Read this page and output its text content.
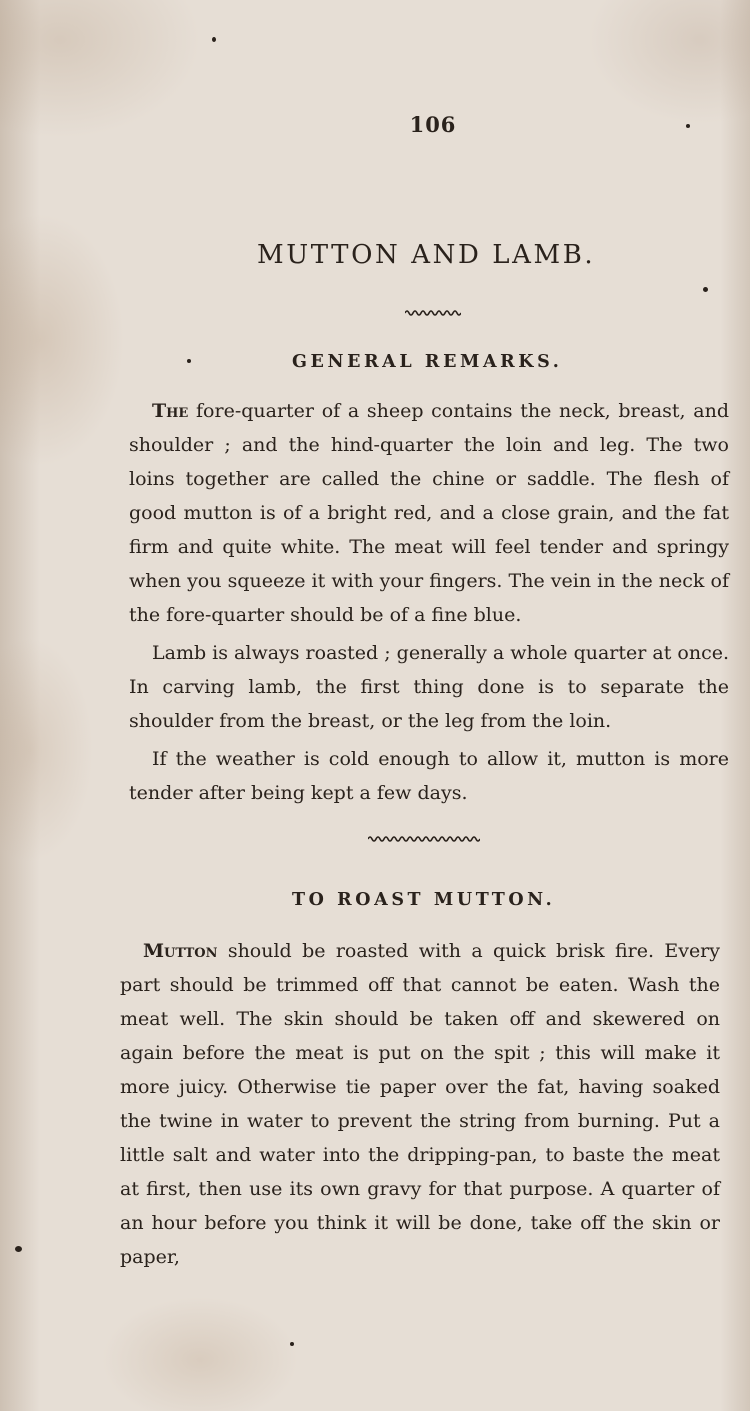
106
MUTTON AND LAMB.
GENERAL REMARKS.

The fore-quarter of a sheep contains the neck, breast, and shoulder ; and the hind-quarter the loin and leg. The two loins together are called the chine or saddle. The flesh of good mutton is of a bright red, and a close grain, and the fat firm and quite white. The meat will feel tender and springy when you squeeze it with your fingers. The vein in the neck of the fore-quarter should be of a fine blue.

Lamb is always roasted ; generally a whole quarter at once. In carving lamb, the first thing done is to separate the shoulder from the breast, or the leg from the loin.

If the weather is cold enough to allow it, mutton is more tender after being kept a few days.

TO ROAST MUTTON.

Mutton should be roasted with a quick brisk fire. Every part should be trimmed off that cannot be eaten. Wash the meat well. The skin should be taken off and skewered on again before the meat is put on the spit ; this will make it more juicy. Otherwise tie paper over the fat, having soaked the twine in water to prevent the string from burning. Put a little salt and water into the dripping-pan, to baste the meat at first, then use its own gravy for that purpose. A quarter of an hour before you think it will be done, take off the skin or paper,
